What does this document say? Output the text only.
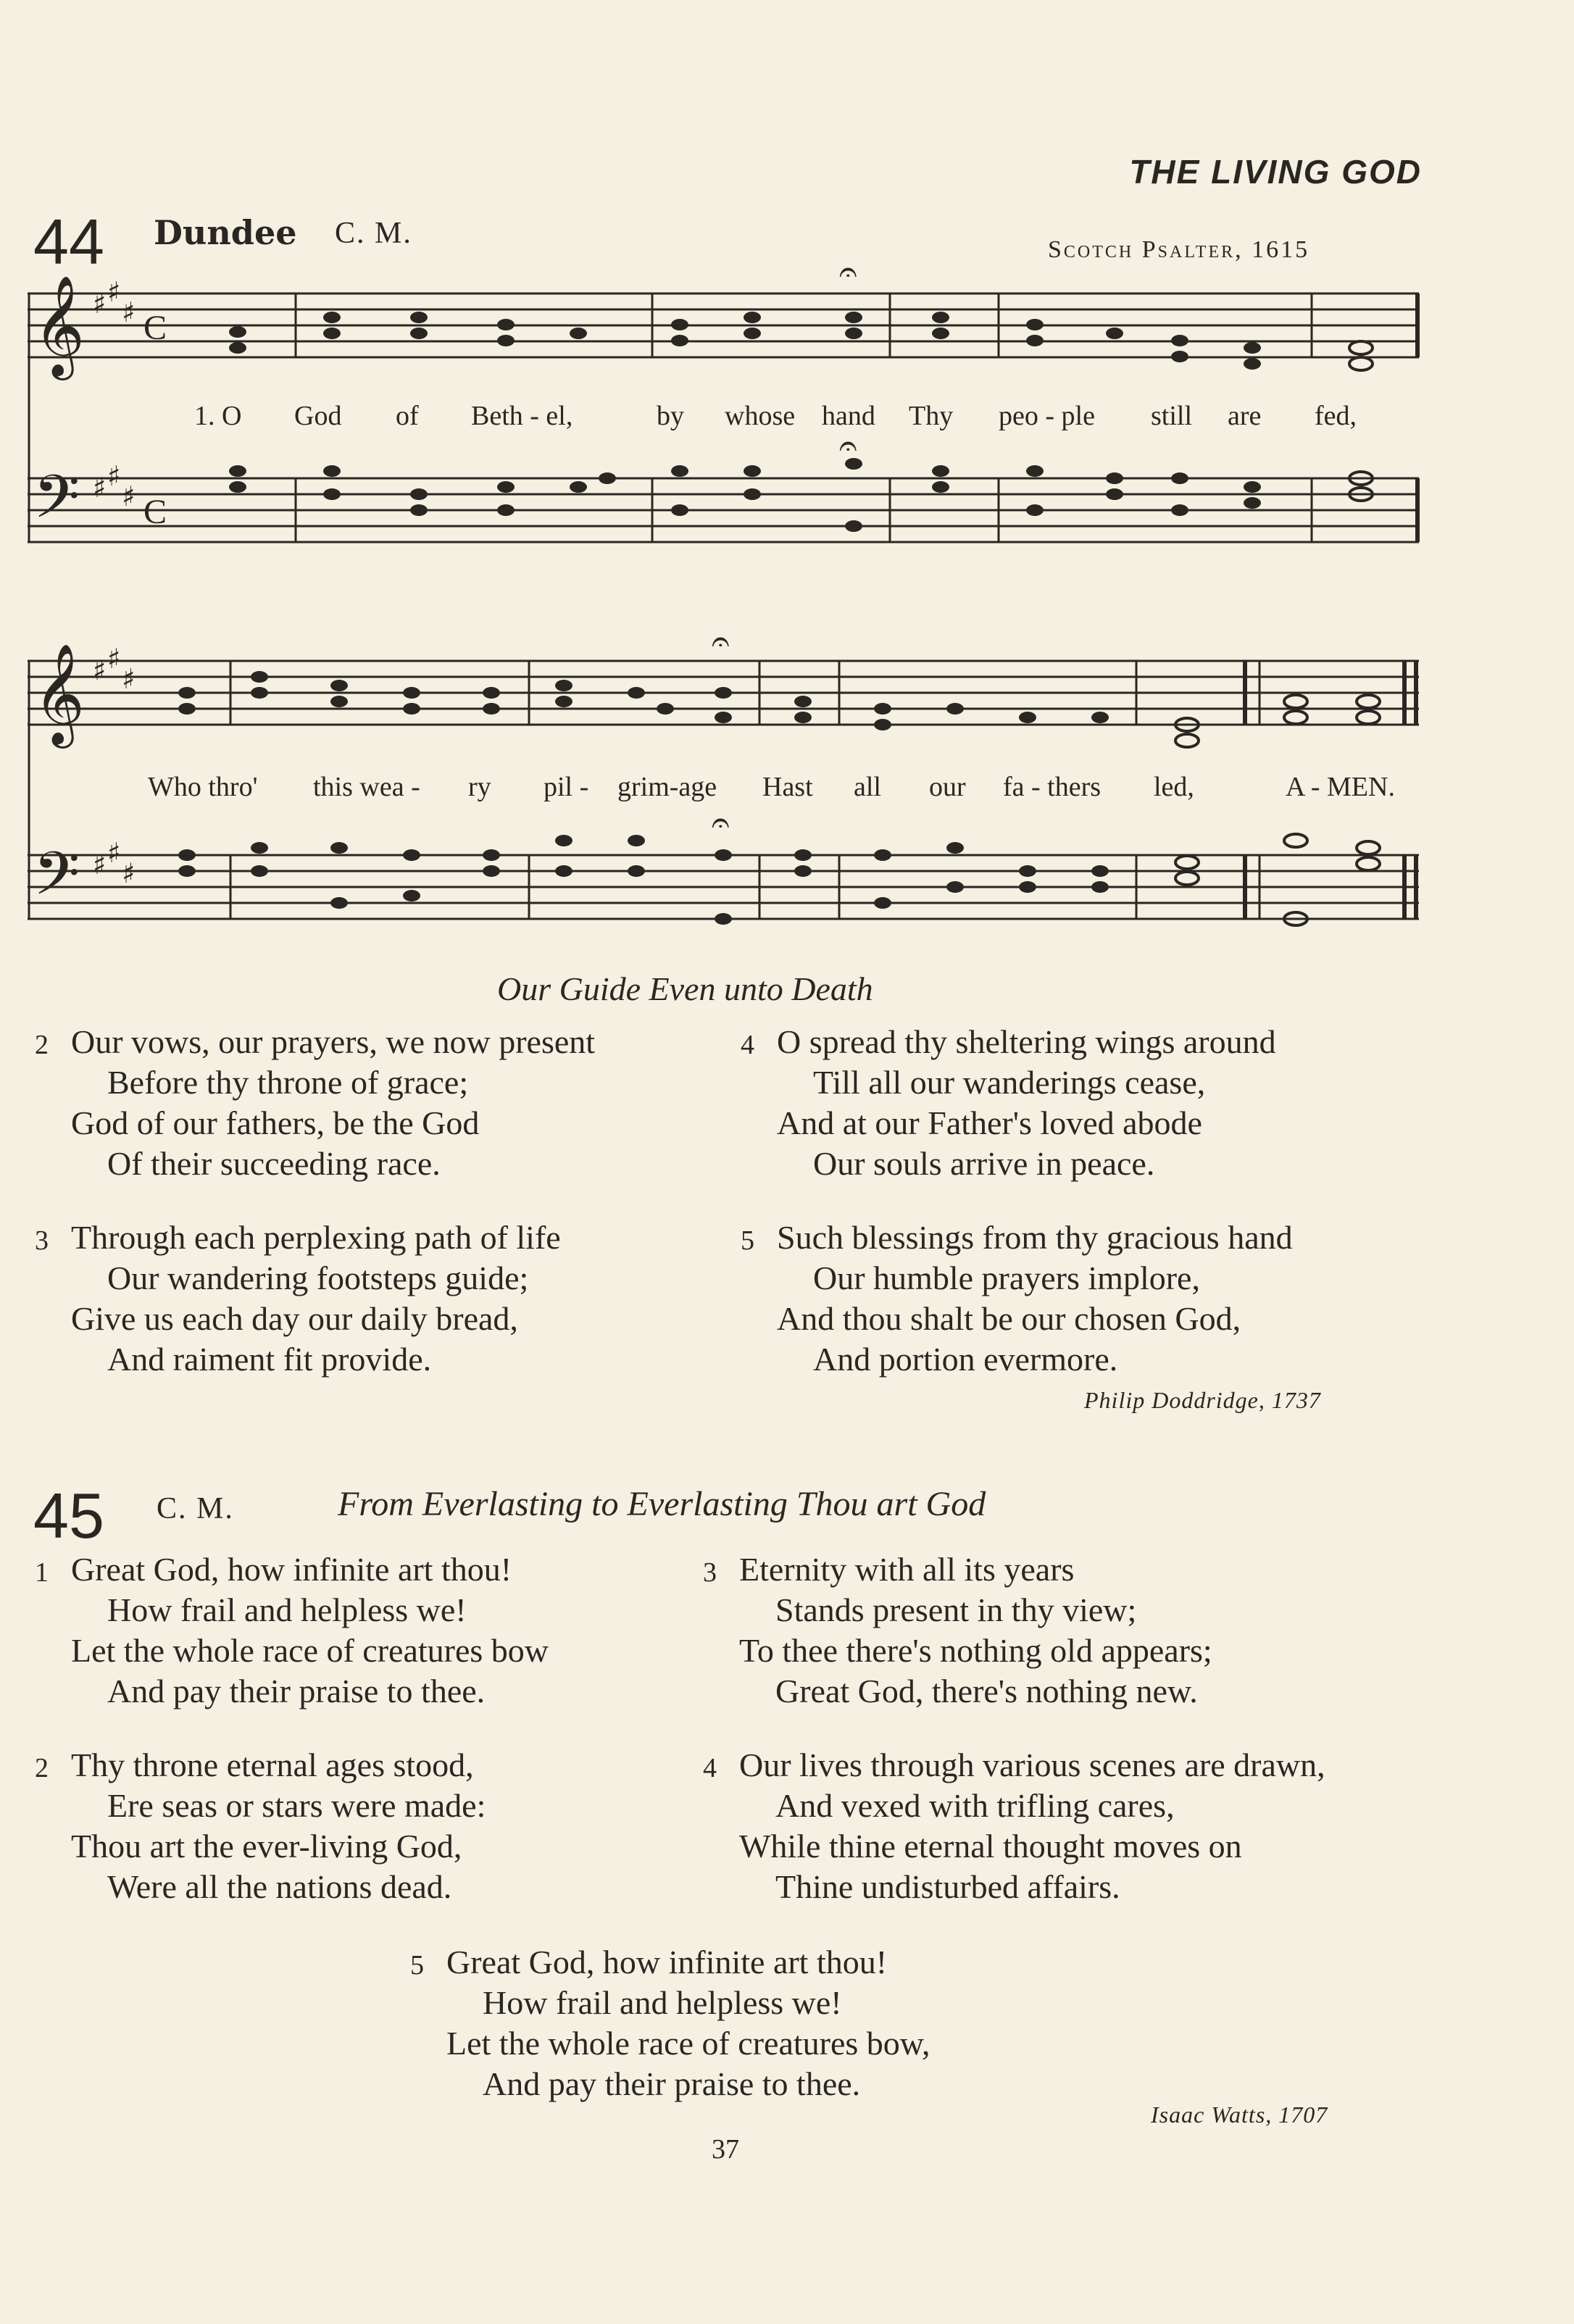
THE LIVING GOD
44 Dundee C. M.	Scotch Psalter, 1615
𝄞
𝄢
♯ ♯
♯
♯ ♯
♯
C
C
𝄐
𝄐
1. O God of Beth - el,	by whose hand Thy peo - ple still are fed,
𝄞
𝄢
♯ ♯
♯
♯ ♯
♯
𝄐
𝄐
Who thro' this wea - ry pil - grim-age Hast all our fa - thers led,	A - MEN.
Our Guide Even unto Death
2 Our vows, our prayers, we now present
Before thy throne of grace;
God of our fathers, be the God
Of their succeeding race.
3 Through each perplexing path of life
Our wandering footsteps guide;
Give us each day our daily bread,
And raiment fit provide.
4 O spread thy sheltering wings around
Till all our wanderings cease,
And at our Father's loved abode
Our souls arrive in peace.
5 Such blessings from thy gracious hand
Our humble prayers implore,
And thou shalt be our chosen God,
And portion evermore.
Philip Doddridge, 1737
45 C. M.	From Everlasting to Everlasting Thou art God
1 Great God, how infinite art thou!
How frail and helpless we!
Let the whole race of creatures bow
And pay their praise to thee.
2 Thy throne eternal ages stood,
Ere seas or stars were made:
Thou art the ever-living God,
Were all the nations dead.
3 Eternity with all its years
Stands present in thy view;
To thee there's nothing old appears;
Great God, there's nothing new.
4 Our lives through various scenes are drawn,
And vexed with trifling cares,
While thine eternal thought moves on
Thine undisturbed affairs.
5 Great God, how infinite art thou!
How frail and helpless we!
Let the whole race of creatures bow,
And pay their praise to thee.
Isaac Watts, 1707
37
